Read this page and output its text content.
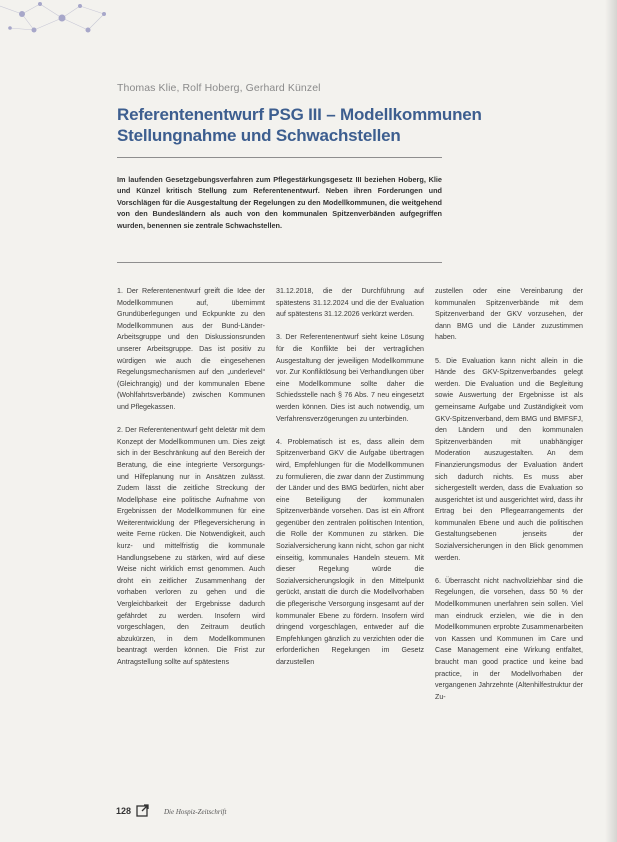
Thomas Klie, Rolf Hoberg, Gerhard Künzel
Referentenentwurf PSG III – Modellkommunen
Stellungnahme und Schwachstellen
Im laufenden Gesetzgebungsverfahren zum Pflegestärkungsgesetz III beziehen Hoberg, Klie und Künzel kritisch Stellung zum Referentenentwurf. Neben ihren Forderungen und Vorschlägen für die Ausgestaltung der Regelungen zu den Modellkommunen, die weitgehend von den Bundesländern als auch von den kommunalen Spitzenverbänden aufgegriffen wurden, benennen sie zentrale Schwachstellen.

1. Der Referentenentwurf greift die Idee der Modellkommunen auf, übernimmt Grundüberlegungen und Eckpunkte zu den Modellkommunen aus der Bund-Länder-Arbeitsgruppe und den Diskussionsrunden unserer Arbeitsgruppe. Das ist positiv zu würdigen wie auch die eingesehenen Regelungsmechanismen auf den „underlevel“ (Gleichrangig) und der kommunalen Ebene (Wohlfahrtsverbände) zwischen Kommunen und Pflegekassen.

2. Der Referentenentwurf geht deletär mit dem Konzept der Modellkommunen um. Dies zeigt sich in der Beschränkung auf den Bereich der Beratung, die eine integrierte Versorgungs- und Hilfeplanung nur in Ansätzen zulässt. Zudem lässt die zeitliche Streckung der Modellphase eine politische Aufnahme von Ergebnissen der Modellkommunen für eine Weiterentwicklung der Pflegeversicherung in weite Ferne rücken. Die Notwendigkeit, auch kurz- und mittelfristig die kommunale Handlungsebene zu stärken, wird auf diese Weise nicht wirklich ernst genommen. Auch droht ein zeitlicher Zusammenhang der vorhaben verloren zu gehen und die Vergleichbarkeit der Ergebnisse dadurch gefährdet zu werden. Insofern wird vorgeschlagen, den Zeitraum deutlich abzukürzen, in dem Modellkommunen beantragt werden können. Die Frist zur Antragstellung sollte auf spätestens

31.12.2018, die der Durchführung auf spätestens 31.12.2024 und die der Evaluation auf spätestens 31.12.2026 verkürzt werden.

3. Der Referentenentwurf sieht keine Lösung für die Konflikte bei der vertraglichen Ausgestaltung der jeweiligen Modellkommune vor. Zur Konfliktlösung bei Verhandlungen über eine Modellkommune sollte daher die Schiedsstelle nach § 76 Abs. 7 neu eingesetzt werden können. Dies ist auch notwendig, um Verfahrensverzögerungen zu unterbinden.

4. Problematisch ist es, dass allein dem Spitzenverband GKV die Aufgabe übertragen wird, Empfehlungen für die Modellkommunen zu formulieren, die zwar dann der Zustimmung der Länder und des BMG bedürfen, nicht aber eine Beteiligung der kommunalen Spitzenverbände vorsehen. Das ist ein Affront gegenüber den zentralen politischen Intention, die Rolle der Kommunen zu stärken. Die Sozialversicherung kann nicht, schon gar nicht einseitig, kommunales Handeln steuern. Mit dieser Regelung würde die Sozialversicherungslogik in den Mittelpunkt gerückt, anstatt die durch die Modellvorhaben die pflegerische Versorgung insgesamt auf der kommunaler Ebene zu fördern. Insofern wird dringend vorgeschlagen, entweder auf die Empfehlungen gänzlich zu verzichten oder die erforderlichen Regelungen im Gesetz darzustellen

zustellen oder eine Vereinbarung der kommunalen Spitzenverbände mit dem Spitzenverband der GKV vorzusehen, der dann BMG und die Länder zuzustimmen haben.

5. Die Evaluation kann nicht allein in die Hände des GKV-Spitzenverbandes gelegt werden. Die Evaluation und die Begleitung sowie Auswertung der Ergebnisse ist als gemeinsame Aufgabe und Zuständigkeit vom GKV-Spitzenverband, dem BMG und BMFSFJ, den Ländern und den kommunalen Spitzenverbänden mit unabhängiger Moderation auszugestalten. An dem Finanzierungsmodus der Evaluation ändert sich dadurch nichts. Es muss aber sichergestellt werden, dass die Evaluation so ausgerichtet ist und ausgerichtet wird, dass ihr Ertrag bei den Pflegearrangements der kommunalen Ebene und auch die politischen Gestaltungsebenen jenseits der Sozialversicherungen in den Blick genommen werden.

6. Überrascht nicht nachvollziehbar sind die Regelungen, die vorsehen, dass 50 % der Modellkommunen unerfahren sein sollen. Viel man eindruck erzielen, wie die in den Modellkommunen erprobte Zusammenarbeiten von Kassen und Kommunen im Care und Case Management eine Wirkung entfaltet, braucht man good practice und keine bad practice, in der Modellvorhaben der vergangenen Jahrzehnte (Altenhilfestruktur der Zu-

128	Die Hospiz-Zeitschrift
